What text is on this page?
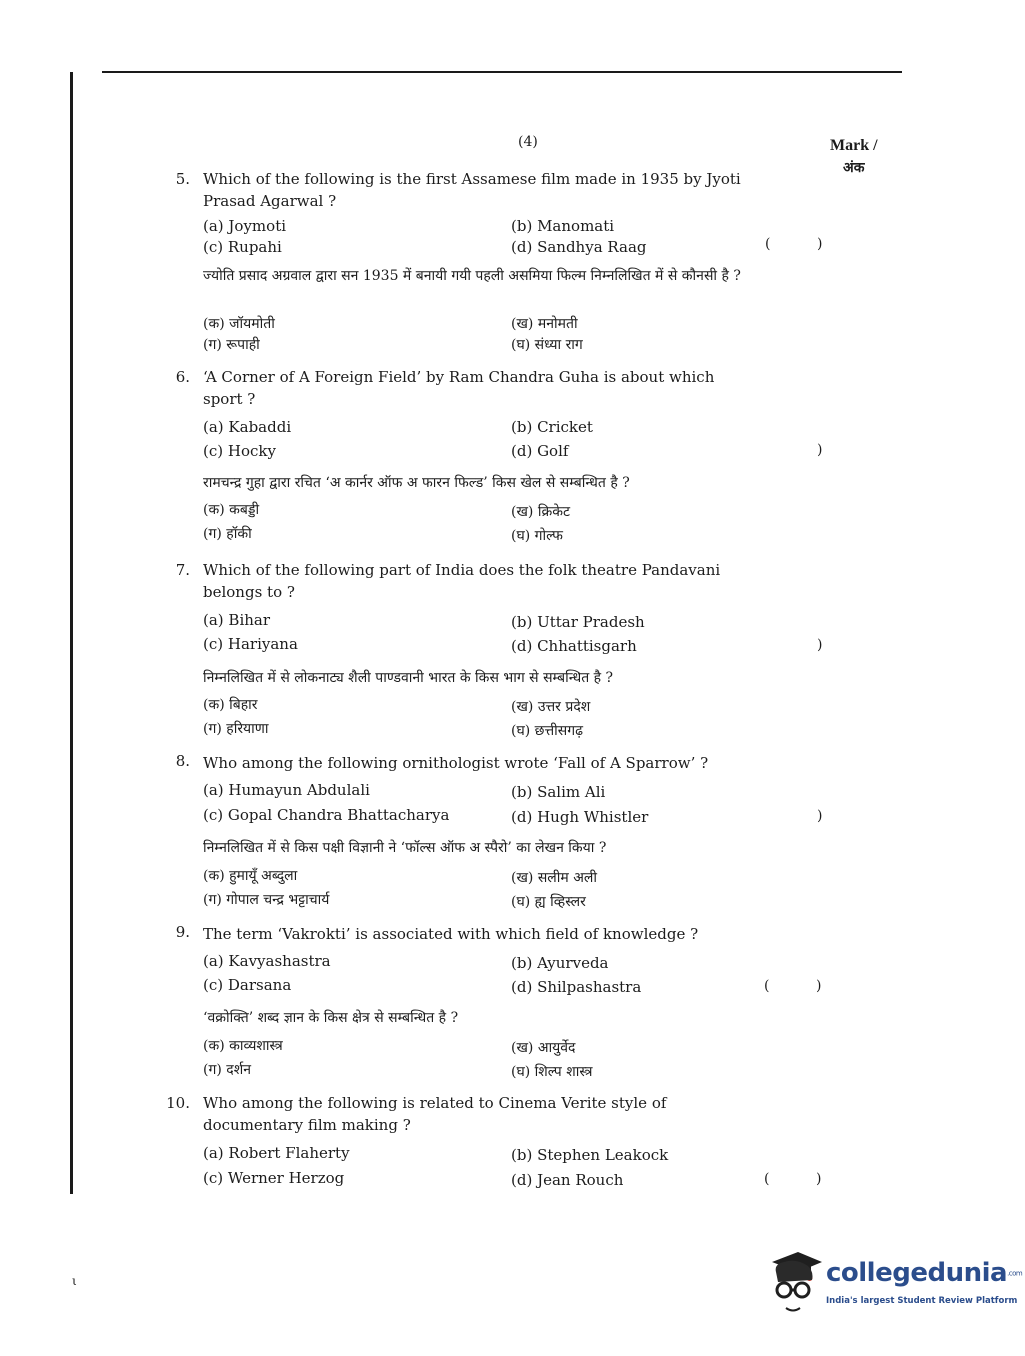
(4)	Mark /
अंक
5. Which of the following is the first Assamese film made in 1935 by Jyoti Prasad Agarwal ?
(a) Joymoti	(b) Manomati
(c) Rupahi	(d) Sandhya Raag	(	)
ज्योति प्रसाद अग्रवाल द्वारा सन 1935 में बनायी गयी पहली असमिया फिल्म निम्नलिखित में से कौनसी है ?
(क) जॉयमोती	(ख) मनोमती
(ग) रूपाही	(घ) संध्या राग
6. ‘A Corner of A Foreign Field’ by Ram Chandra Guha is about which sport ?
(a) Kabaddi	(b) Cricket
(c) Hocky	(d) Golf	)
रामचन्द्र गुहा द्वारा रचित ‘अ कार्नर ऑफ अ फारन फिल्ड’ किस खेल से सम्बन्धित है ?
(क) कबड्डी	(ख) क्रिकेट
(ग) हॉकी	(घ) गोल्फ
7. Which of the following part of India does the folk theatre Pandavani belongs to ?
(a) Bihar	(b) Uttar Pradesh
(c) Hariyana	(d) Chhattisgarh	)
निम्नलिखित में से लोकनाट्य शैली पाण्डवानी भारत के किस भाग से सम्बन्धित है ?
(क) बिहार	(ख) उत्तर प्रदेश
(ग) हरियाणा	(घ) छत्तीसगढ़
8. Who among the following ornithologist wrote ‘Fall of A Sparrow’ ?
(a) Humayun Abdulali	(b) Salim Ali
(c) Gopal Chandra Bhattacharya	(d) Hugh Whistler	)
निम्नलिखित में से किस पक्षी विज्ञानी ने ‘फॉल्स ऑफ अ स्पैरो’ का लेखन किया ?
(क) हुमायूँ अब्दुला	(ख) सलीम अली
(ग) गोपाल चन्द्र भट्टाचार्य	(घ) ह्य व्हिस्लर
9. The term ‘Vakrokti’ is associated with which field of knowledge ?
(a) Kavyashastra	(b) Ayurveda
(c) Darsana	(d) Shilpashastra	(	)
‘वक्रोक्ति’ शब्द ज्ञान के किस क्षेत्र से सम्बन्धित है ?
(क) काव्यशास्त्र	(ख) आयुर्वेद
(ग) दर्शन	(घ) शिल्प शास्त्र
10. Who among the following is related to Cinema Verite style of documentary film making ?
(a) Robert Flaherty	(b) Stephen Leakock
(c) Werner Herzog	(d) Jean Rouch	(	)
ι	collegedunia.com
India's largest Student Review Platform
